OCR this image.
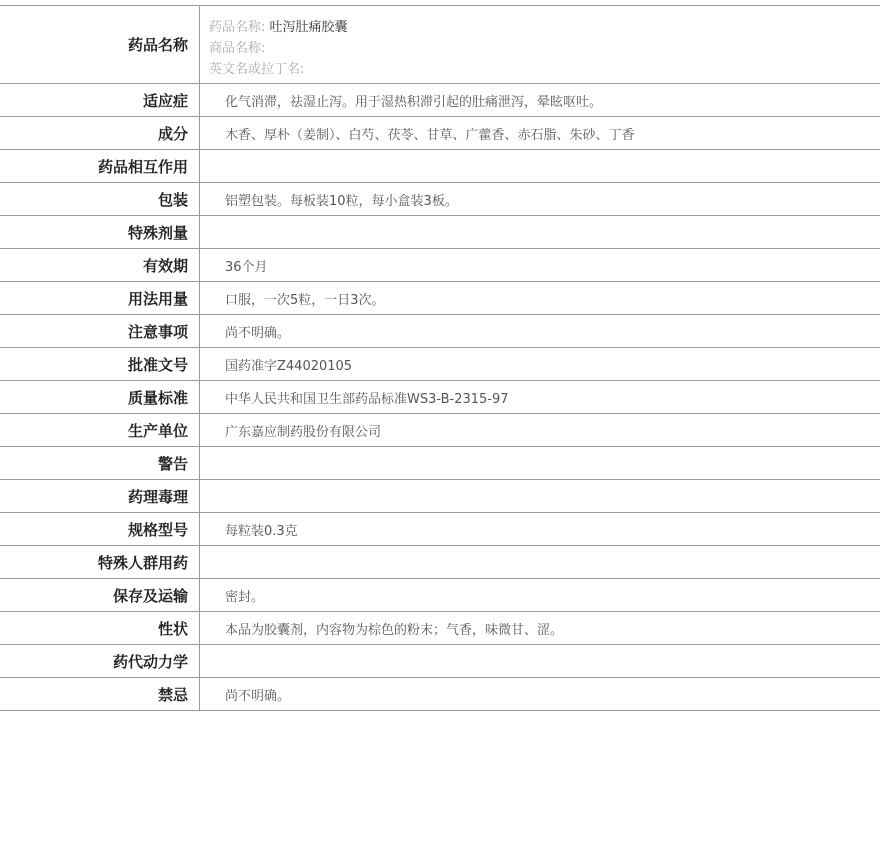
药品名称
药品名称: 吐泻肚痛胶囊
商品名称:
英文名或拉丁名:
适应症	化气消滞，祛湿止泻。用于湿热积滞引起的肚痛泄泻，晕眩呕吐。
成分	木香、厚朴（姜制）、白芍、茯苓、甘草、广藿香、赤石脂、朱砂、丁香
药品相互作用
包装	铝塑包装。每板装10粒，每小盒装3板。
特殊剂量
有效期	36个月
用法用量	口服，一次5粒，一日3次。
注意事项	尚不明确。
批准文号	国药准字Z44020105
质量标准	中华人民共和国卫生部药品标准WS3-B-2315-97
生产单位	广东嘉应制药股份有限公司
警告
药理毒理
规格型号	每粒装0.3克
特殊人群用药
保存及运输	密封。
性状	本品为胶囊剂，内容物为棕色的粉末；气香，味微甘、涩。
药代动力学
禁忌	尚不明确。
